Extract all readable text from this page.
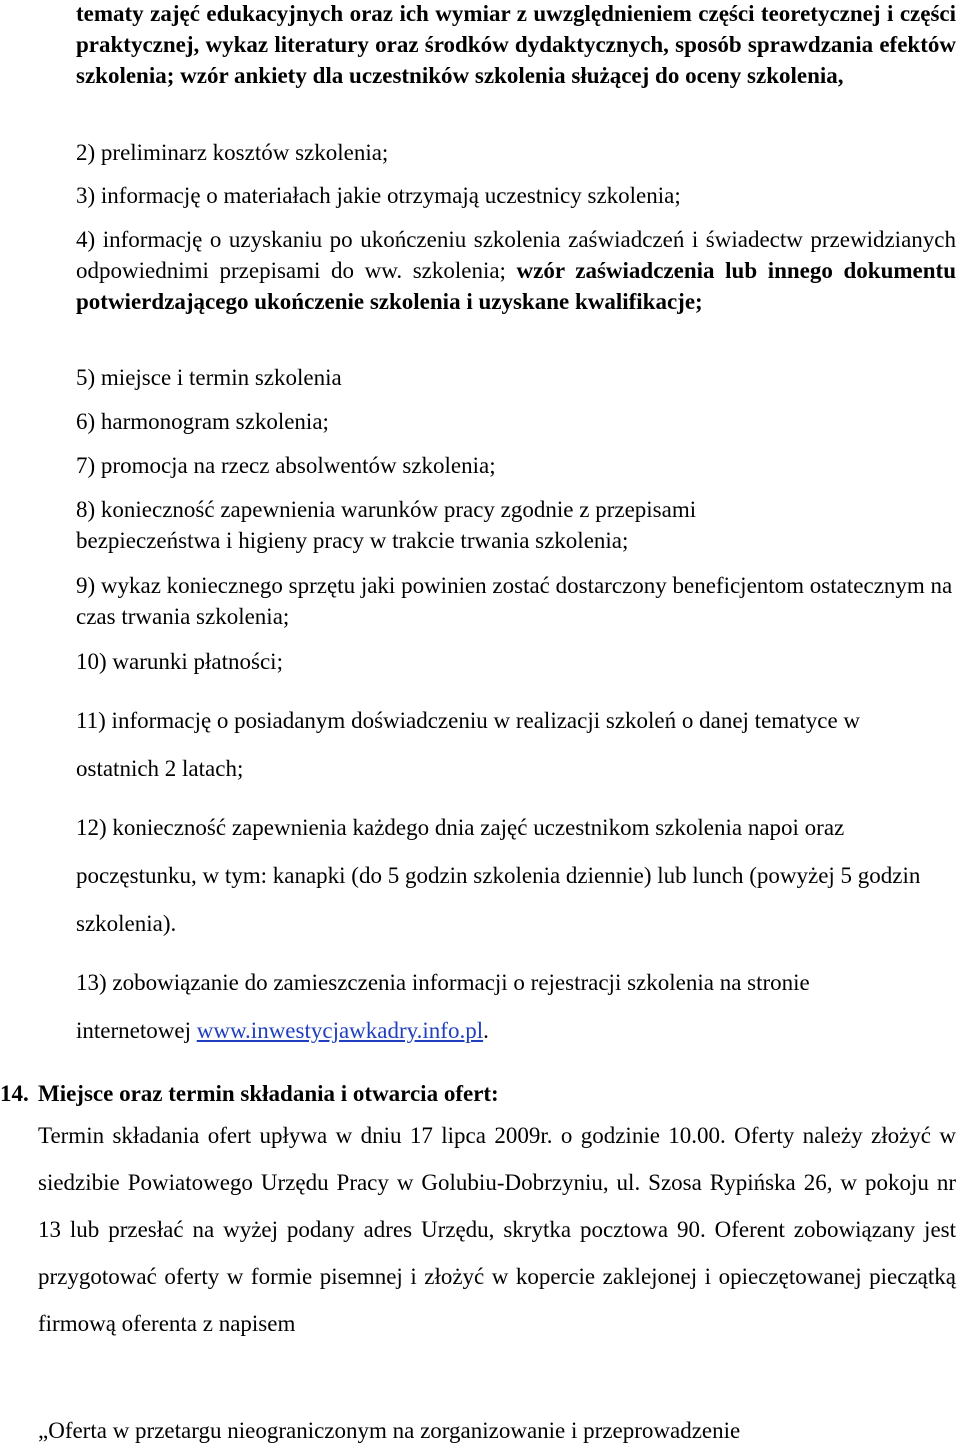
tematy zajęć edukacyjnych oraz ich wymiar z uwzględnieniem części teoretycznej i części praktycznej, wykaz literatury oraz środków dydaktycznych, sposób sprawdzania efektów szkolenia; wzór ankiety dla uczestników szkolenia służącej do oceny szkolenia,

2) preliminarz kosztów szkolenia;

3) informację o materiałach jakie otrzymają uczestnicy szkolenia;

4) informację o uzyskaniu po ukończeniu szkolenia zaświadczeń i świadectw przewidzianych odpowiednimi przepisami do ww. szkolenia; wzór zaświadczenia lub innego dokumentu potwierdzającego ukończenie szkolenia i uzyskane kwalifikacje;

5) miejsce i termin szkolenia

6) harmonogram szkolenia;

7) promocja na rzecz absolwentów szkolenia;

8) konieczność zapewnienia warunków pracy zgodnie z przepisami bezpieczeństwa i higieny pracy w trakcie trwania szkolenia;

9) wykaz koniecznego sprzętu jaki powinien zostać dostarczony beneficjentom ostatecznym na czas trwania szkolenia;

10) warunki płatności;

11) informację o posiadanym doświadczeniu w realizacji szkoleń o danej tematyce w ostatnich 2 latach;

12) konieczność zapewnienia każdego dnia zajęć uczestnikom szkolenia napoi oraz poczęstunku, w tym: kanapki (do 5 godzin szkolenia dziennie) lub lunch (powyżej 5 godzin szkolenia).

13) zobowiązanie do zamieszczenia informacji o rejestracji szkolenia na stronie internetowej www.inwestycjawkadry.info.pl.

14. Miejsce oraz termin składania i otwarcia ofert:

Termin składania ofert upływa w dniu 17 lipca 2009r. o godzinie 10.00. Oferty należy złożyć w siedzibie Powiatowego Urzędu Pracy w Golubiu-Dobrzyniu, ul. Szosa Rypińska 26, w pokoju nr 13 lub przesłać na wyżej podany adres Urzędu, skrytka pocztowa 90. Oferent zobowiązany jest przygotować oferty w formie pisemnej i złożyć w kopercie zaklejonej i opieczętowanej pieczątką firmową oferenta z napisem

„Oferta w przetargu nieograniczonym na zorganizowanie i przeprowadzenie
